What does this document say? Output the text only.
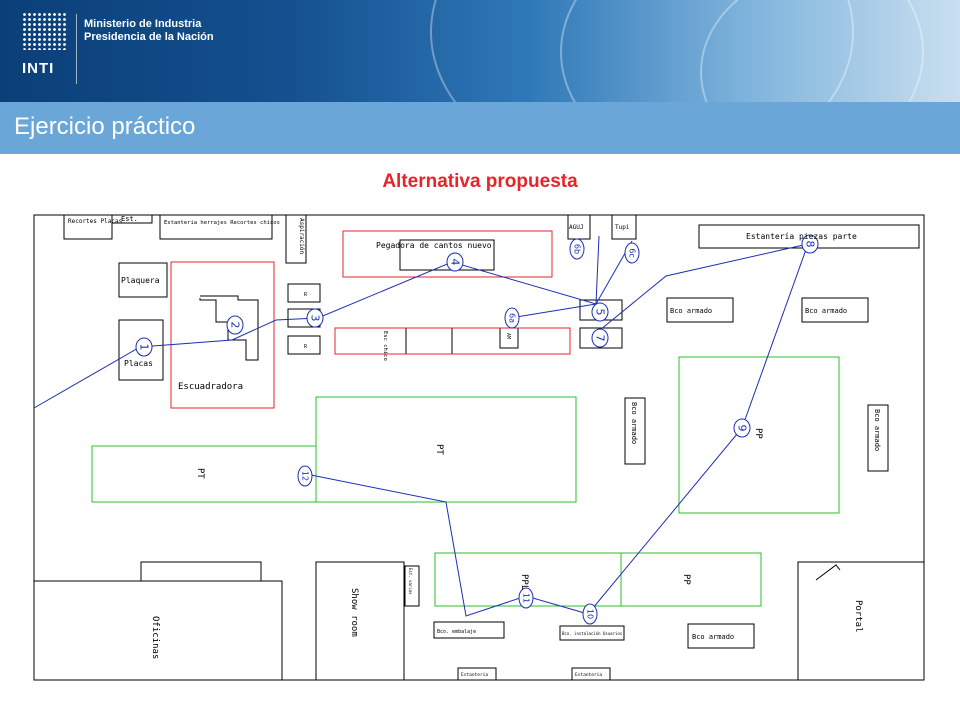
INTI
Ministerio de Industria
Presidencia de la Nación
Ejercicio práctico
Alternativa propuesta
1
2
3
4
5
6a
6b	6c
7
8
9
10
11
12
Recortes Placas
Est.	Estanteria herrajes Recortes chicos	Aspiración	Pegadora de cantos nuevo
AGUJ	Tupi
Estantería piezas parte
Plaquera
Placas
Escuadradora
Esc chico	AM
R
R
Bco armado	Bco armado
Bco armado	Bco armado
Bco armado
PT
PT
PP
PP
PPL
Show room
Oficinas	Portal
Est. varias
Bco. embalaje	Bco. instalación Usuarios
Estantería	Estantería
